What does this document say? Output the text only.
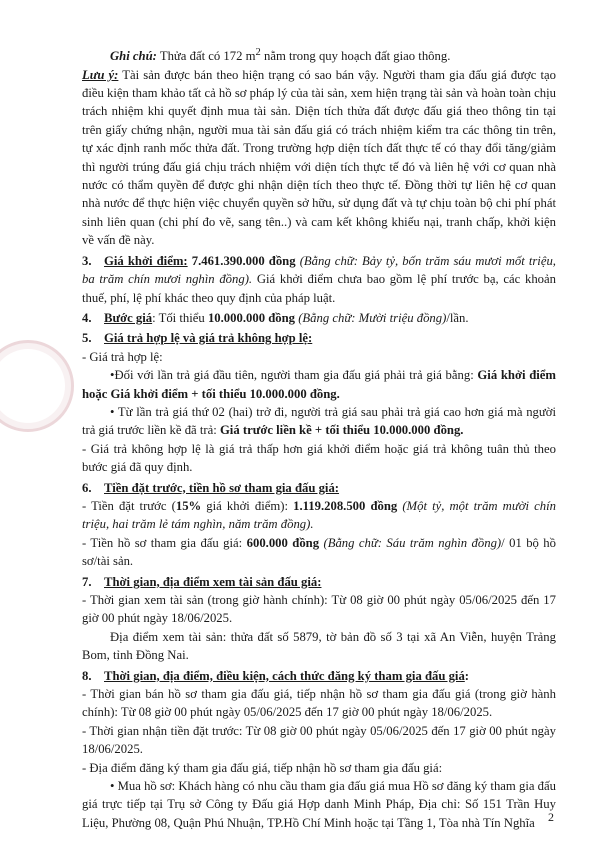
Ghi chú: Thửa đất có 172 $m^2$ nằm trong quy hoạch đất giao thông.

Lưu ý: Tài sản được bán theo hiện trạng có sao bán vậy. Người tham gia đấu giá được tạo điều kiện tham khảo tất cả hồ sơ pháp lý của tài sản, xem hiện trạng tài sản và hoàn toàn chịu trách nhiệm khi quyết định mua tài sản. Diện tích thửa đất được đấu giá theo thông tin tại trên giấy chứng nhận, người mua tài sản đấu giá có trách nhiệm kiểm tra các thông tin trên, tự xác định ranh mốc thửa đất. Trong trường hợp diện tích đất thực tế có thay đổi tăng/giảm thì người trúng đấu giá chịu trách nhiệm với diện tích thực tế đó và liên hệ với cơ quan nhà nước có thẩm quyền để được ghi nhận diện tích theo thực tế. Đồng thời tự liên hệ cơ quan nhà nước để thực hiện việc chuyển quyền sở hữu, sử dụng đất và tự chịu toàn bộ chi phí phát sinh liên quan (chi phí đo vẽ, sang tên..) và cam kết không khiếu nại, tranh chấp, khởi kiện về vấn đề này.

3. Giá khởi điểm: 7.461.390.000 đồng (Bằng chữ: Bảy tỷ, bốn trăm sáu mươi mốt triệu, ba trăm chín mươi nghìn đồng). Giá khởi điểm chưa bao gồm lệ phí trước bạ, các khoản thuế, phí, lệ phí khác theo quy định của pháp luật.

4. Bước giá: Tối thiểu 10.000.000 đồng (Bằng chữ: Mười triệu đồng)/lần.

5. Giá trả hợp lệ và giá trả không hợp lệ:

- Giá trả hợp lệ:

•Đối với lần trả giá đầu tiên, người tham gia đấu giá phải trả giá bằng: Giá khởi điểm hoặc Giá khởi điểm + tối thiểu 10.000.000 đồng.

• Từ lần trả giá thứ 02 (hai) trở đi, người trả giá sau phải trả giá cao hơn giá mà người trả giá trước liền kề đã trả: Giá trước liền kề + tối thiểu 10.000.000 đồng.

- Giá trả không hợp lệ là giá trả thấp hơn giá khởi điểm hoặc giá trả không tuân thủ theo bước giá đã quy định.

6. Tiền đặt trước, tiền hồ sơ tham gia đấu giá:

- Tiền đặt trước (15% giá khởi điểm): 1.119.208.500 đồng (Một tỷ, một trăm mười chín triệu, hai trăm lẻ tám nghìn, năm trăm đồng).

- Tiền hồ sơ tham gia đấu giá: 600.000 đồng (Bằng chữ: Sáu trăm nghìn đồng)/ 01 bộ hồ sơ/tài sản.

7. Thời gian, địa điểm xem tài sản đấu giá:

- Thời gian xem tài sản (trong giờ hành chính): Từ 08 giờ 00 phút ngày 05/06/2025 đến 17 giờ 00 phút ngày 18/06/2025.

Địa điểm xem tài sản: thửa đất số 5879, tờ bản đồ số 3 tại xã An Viễn, huyện Trảng Bom, tỉnh Đồng Nai.

8. Thời gian, địa điểm, điều kiện, cách thức đăng ký tham gia đấu giá:

- Thời gian bán hồ sơ tham gia đấu giá, tiếp nhận hồ sơ tham gia đấu giá (trong giờ hành chính): Từ 08 giờ 00 phút ngày 05/06/2025 đến 17 giờ 00 phút ngày 18/06/2025.

- Thời gian nhận tiền đặt trước: Từ 08 giờ 00 phút ngày 05/06/2025 đến 17 giờ 00 phút ngày 18/06/2025.

- Địa điểm đăng ký tham gia đấu giá, tiếp nhận hồ sơ tham gia đấu giá:

• Mua hồ sơ: Khách hàng có nhu cầu tham gia đấu giá mua Hồ sơ đăng ký tham gia đấu giá trực tiếp tại Trụ sở Công ty Đấu giá Hợp danh Minh Pháp, Địa chỉ: Số 151 Trần Huy Liệu, Phường 08, Quận Phú Nhuận, TP.Hồ Chí Minh hoặc tại Tầng 1, Tòa nhà Tín Nghĩa	2
